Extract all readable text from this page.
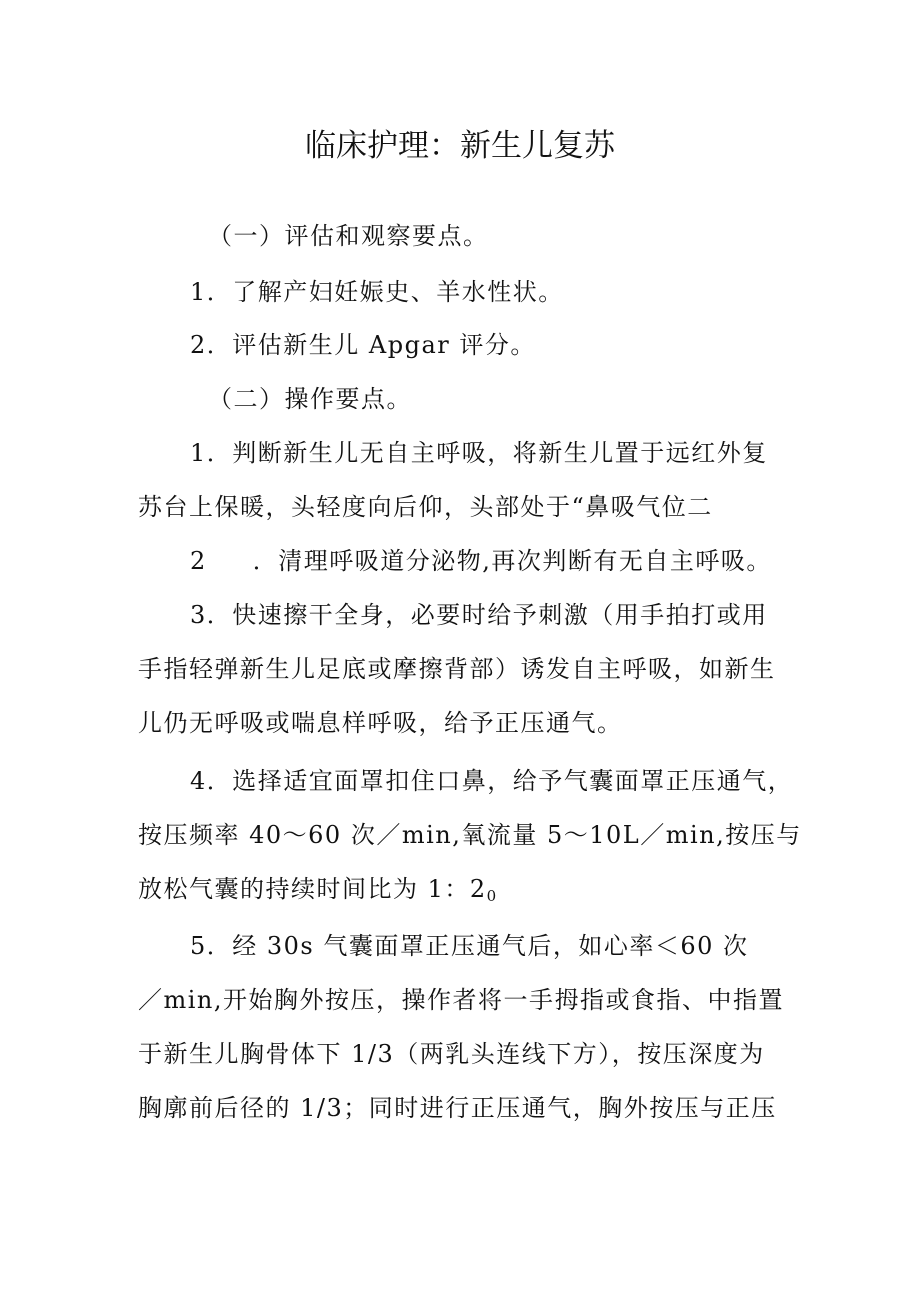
临床护理：新生儿复苏

（一）评估和观察要点。

1．了解产妇妊娠史、羊水性状。

2．评估新生儿 Apgar 评分。

（二）操作要点。

1．判断新生儿无自主呼吸，将新生儿置于远红外复

苏台上保暖，头轻度向后仰，头部处于“鼻吸气位二

2 ．清理呼吸道分泌物,再次判断有无自主呼吸。

3．快速擦干全身，必要时给予刺激（用手拍打或用

手指轻弹新生儿足底或摩擦背部）诱发自主呼吸，如新生

儿仍无呼吸或喘息样呼吸，给予正压通气。

4．选择适宜面罩扣住口鼻，给予气囊面罩正压通气，

按压频率 40～60 次／min,氧流量 5～10L／min,按压与

放松气囊的持续时间比为 1：20

5．经 30s 气囊面罩正压通气后，如心率＜60 次

／min,开始胸外按压，操作者将一手拇指或食指、中指置

于新生儿胸骨体下 1/3（两乳头连线下方），按压深度为

胸廓前后径的 1/3；同时进行正压通气，胸外按压与正压
